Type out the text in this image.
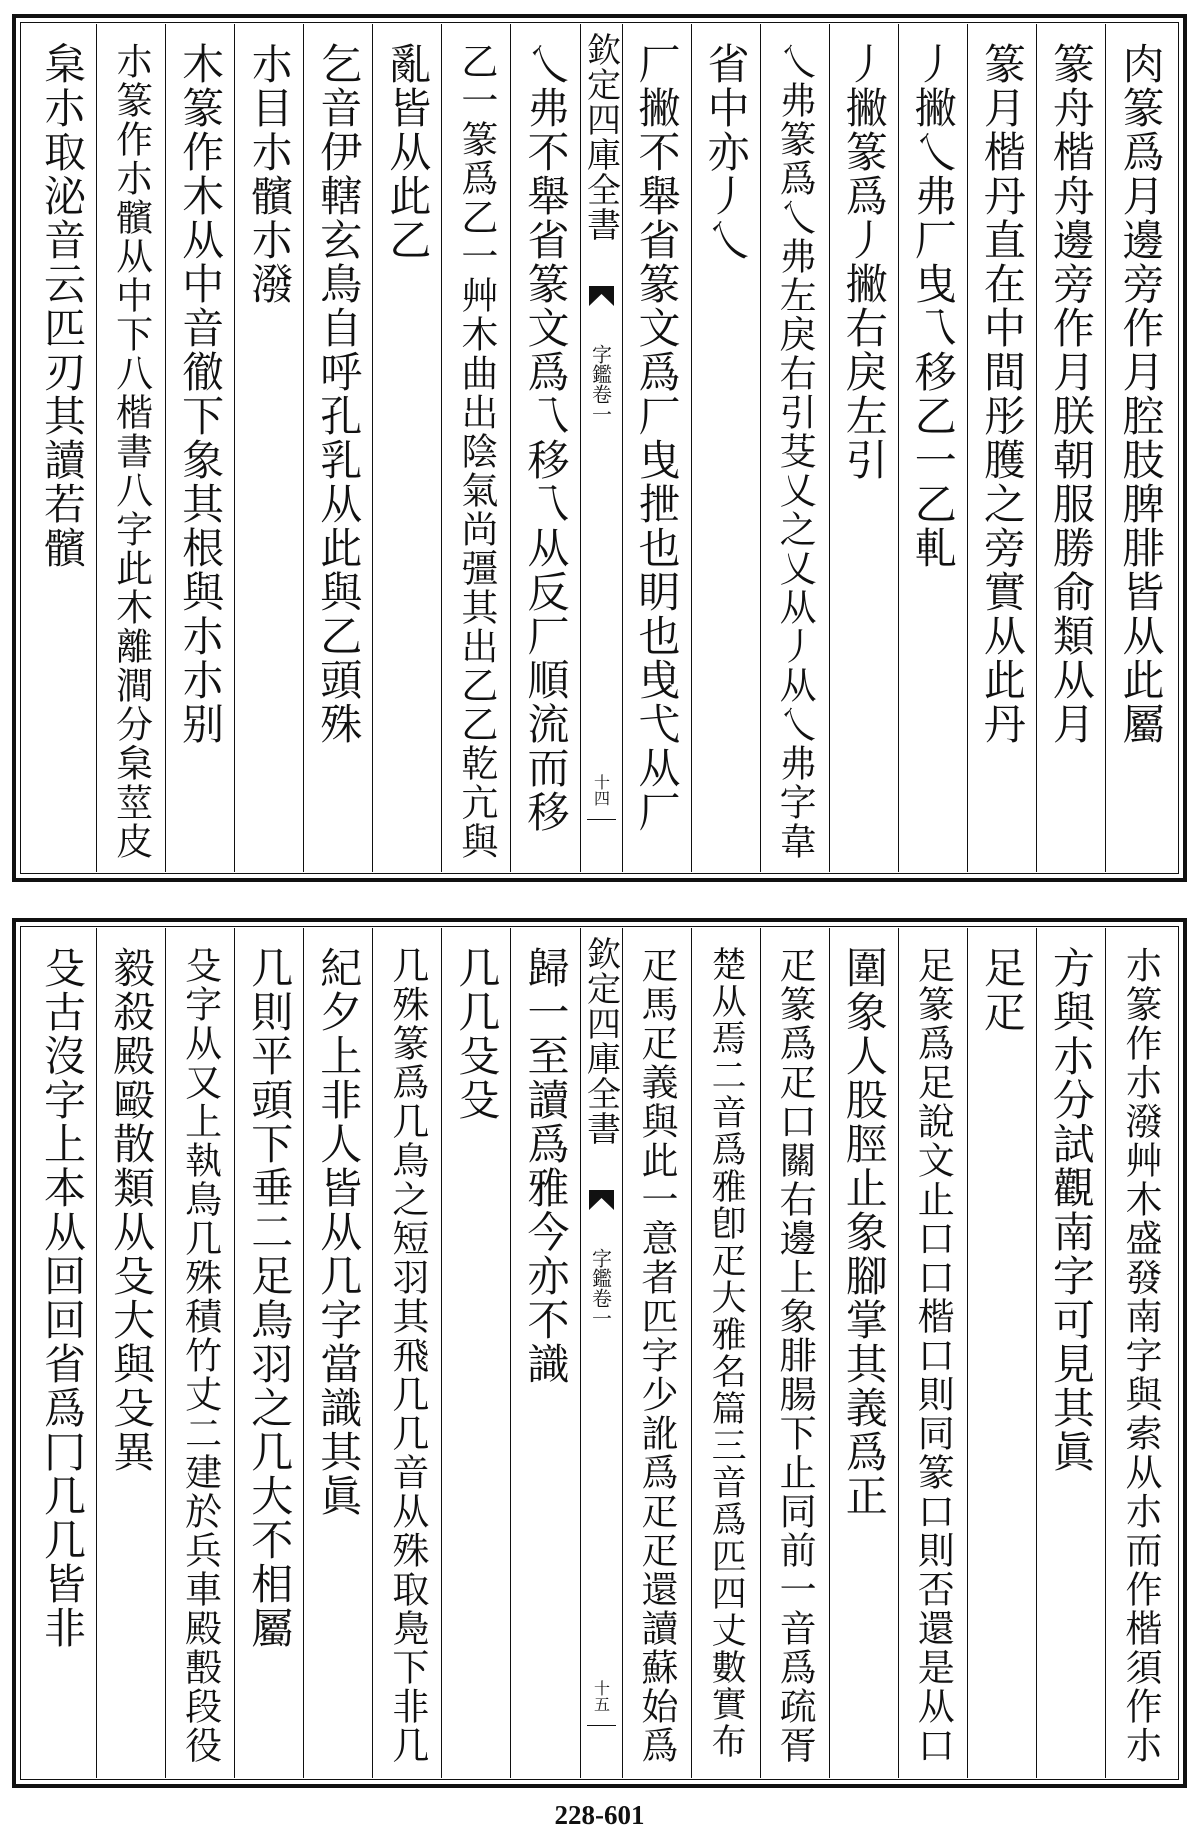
肉篆爲月邊旁作月腔肢脾腓皆从此屬
篆舟楷舟邊旁作月朕朝服勝俞類从月
篆月楷丹直在中間彤臒之旁實从此丹
丿撇乀弗厂曳乁移乙一乙軋
丿撇篆爲丿撇右戾左引
乀弗篆爲乀弗左戾右引芟乂之乂从丿从乀弗字韋
省中亦丿乀
厂撇不舉省篆文爲厂曳抴也眀也曵弋从厂
欽定四庫全書
字鑑卷一
十四
乀弗不舉省篆文爲乁移乁从反厂順流而移
乙一篆爲乙一艸木曲出陰氣尚彊其出乙乙乾亢與
亂皆从此乙
乞音伊轄玄鳥自呼孔乳从此與乙頭殊
朩目朩髕朩潑
木篆作木从中音徹下象其根與朩朩别
朩篆作朩髕从中下八楷書八字此木離澗分枲莖皮
枲朩取泌音云匹刃其讀若髕
朩篆作朩潑艸木盛發南字與索从朩而作楷須作朩
方與朩分試觀南字可見其眞
足疋
足篆爲足說文止口口楷口則同篆口則否還是从口
圍象人股脛止象腳掌其義爲正
疋篆爲疋口關右邊上象腓腸下止同前一音爲疏胥
楚从焉二音爲雅卽疋大雅名篇三音爲匹四丈數實布
疋馬疋義與此一意者匹字少訛爲疋疋還讀蘇始爲
欽定四庫全書
字鑑卷一
十五
歸一至讀爲雅今亦不識
几几殳殳
几殊篆爲几鳥之短羽其飛几几音从殊取鳧下非几
紀夕上非人皆从几字當識其眞
几則平頭下垂二足鳥羽之几大不相屬
殳字从又上執鳥几殊積竹丈二建於兵車殿毄段役
毅殺殿毆散類从殳大與殳異
殳古沒字上本从回回省爲冂几几皆非
228-601
